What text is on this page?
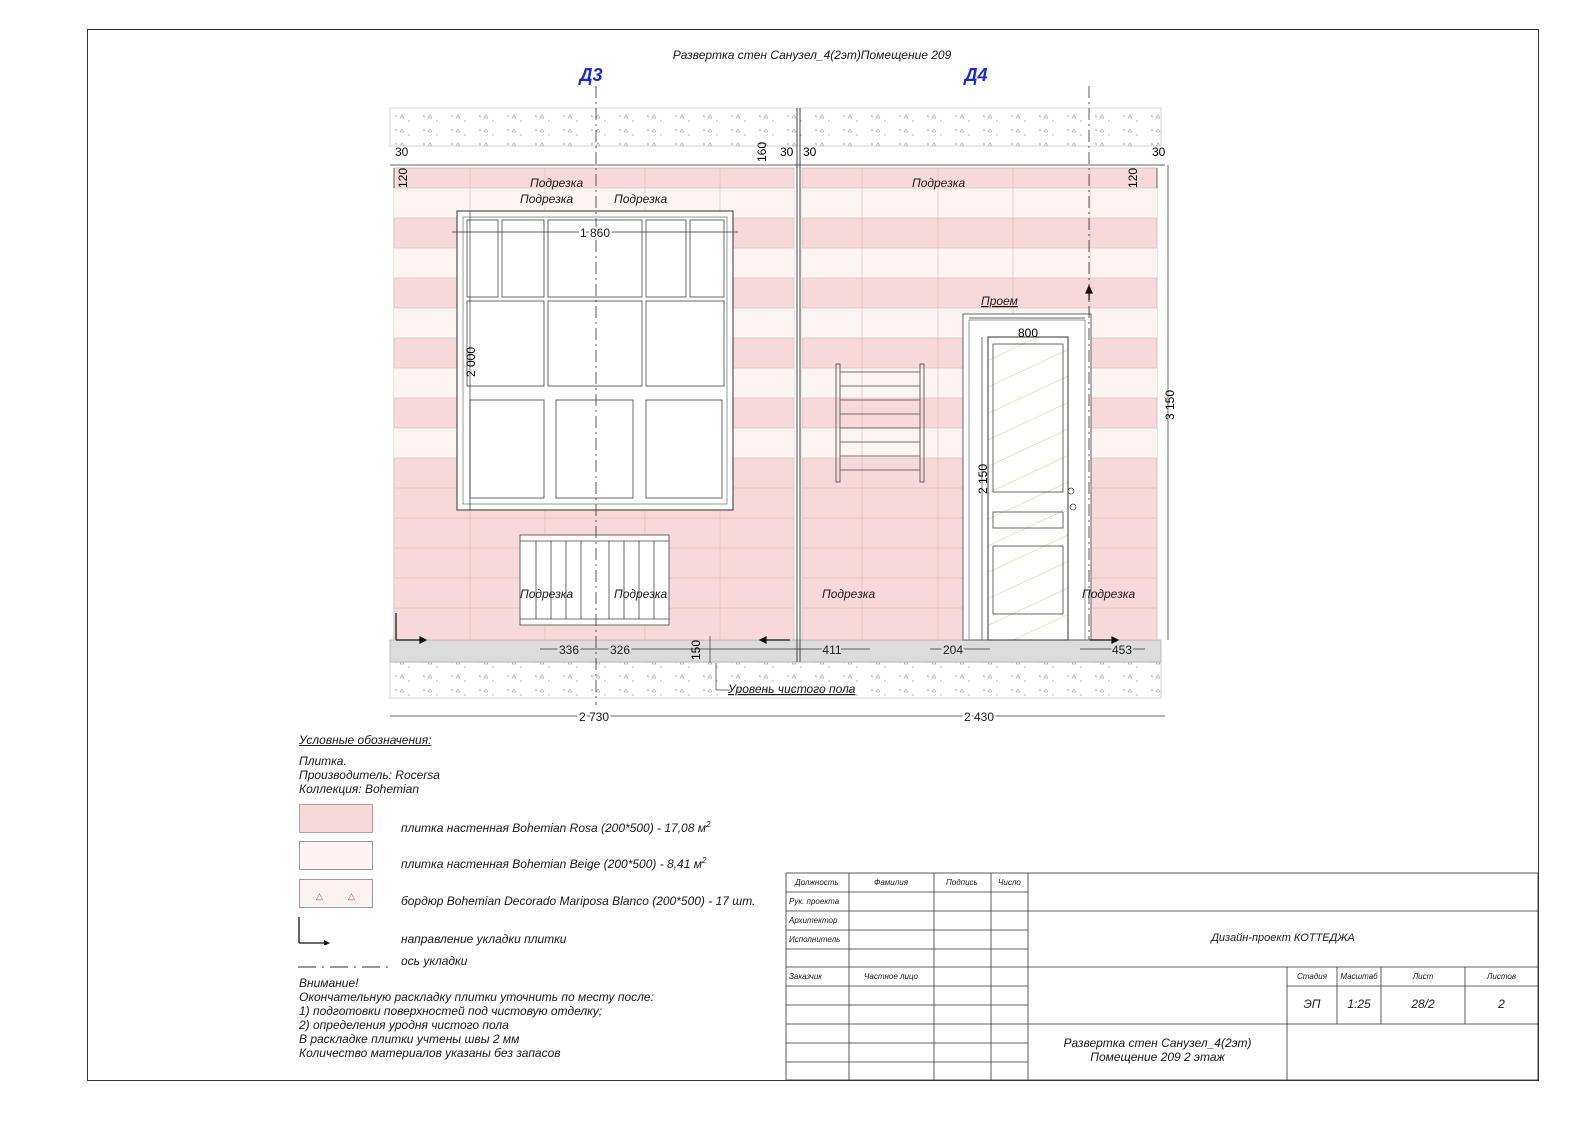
Развертка стен Санузел_4(2эт)Помещение 209
Д3	Д4
30	160 30 30	30
120	120
1 860
2 000
800
2 150
3 150
336	326	150	411	204	453
2 730	2 430
Подрезка
Подрезка	Подрезка
Подрезка
Подрезка	Подрезка	Подрезка	Подрезка
Проем
Уровень чистого пола
Условные обозначения:
Плитка.
Производитель: Rocersa
Коллекция: Bohemian
плитка настенная Bohemian Rosa (200*500) - 17,08 $м^2$
плитка настенная Bohemian Beige (200*500) - 8,41 $м^2$
△	△	бордюр Bohemian Decorado Mariposa Blanco (200*500) - 17 шт.
направление укладки плитки
ось укладки
Внимание!
Окончательную раскладку плитки уточнить по месту после:
1) подготовки поверхностей под чистовую отделку;
2) определения уродня чистого пола
В раскладке плитки учтены швы 2 мм
Количество материалов указаны без запасов
Должность	Фамилия	Подпись	Число
Рук. проекта
Архитектор
Исполнитель
Заказчик	Частное лицо
Дизайн-проект КОТТЕДЖА
Стадия	Масштаб	Лист	Листов
ЭП	1:25	28/2	2
Развертка стен Санузел_4(2эт)
Помещение 209 2 этаж
